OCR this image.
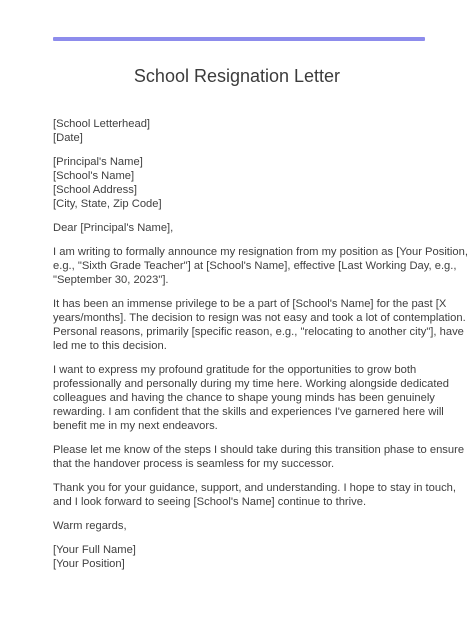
School Resignation Letter
[School Letterhead]
[Date]
[Principal's Name]
[School's Name]
[School Address]
[City, State, Zip Code]

Dear [Principal's Name],

I am writing to formally announce my resignation from my position as [Your Position,
e.g., "Sixth Grade Teacher"] at [School's Name], effective [Last Working Day, e.g.,
"September 30, 2023"].

It has been an immense privilege to be a part of [School's Name] for the past [X
years/months]. The decision to resign was not easy and took a lot of contemplation.
Personal reasons, primarily [specific reason, e.g., "relocating to another city"], have
led me to this decision.

I want to express my profound gratitude for the opportunities to grow both
professionally and personally during my time here. Working alongside dedicated
colleagues and having the chance to shape young minds has been genuinely
rewarding. I am confident that the skills and experiences I've garnered here will
benefit me in my next endeavors.

Please let me know of the steps I should take during this transition phase to ensure
that the handover process is seamless for my successor.

Thank you for your guidance, support, and understanding. I hope to stay in touch,
and I look forward to seeing [School's Name] continue to thrive.

Warm regards,

[Your Full Name]
[Your Position]
